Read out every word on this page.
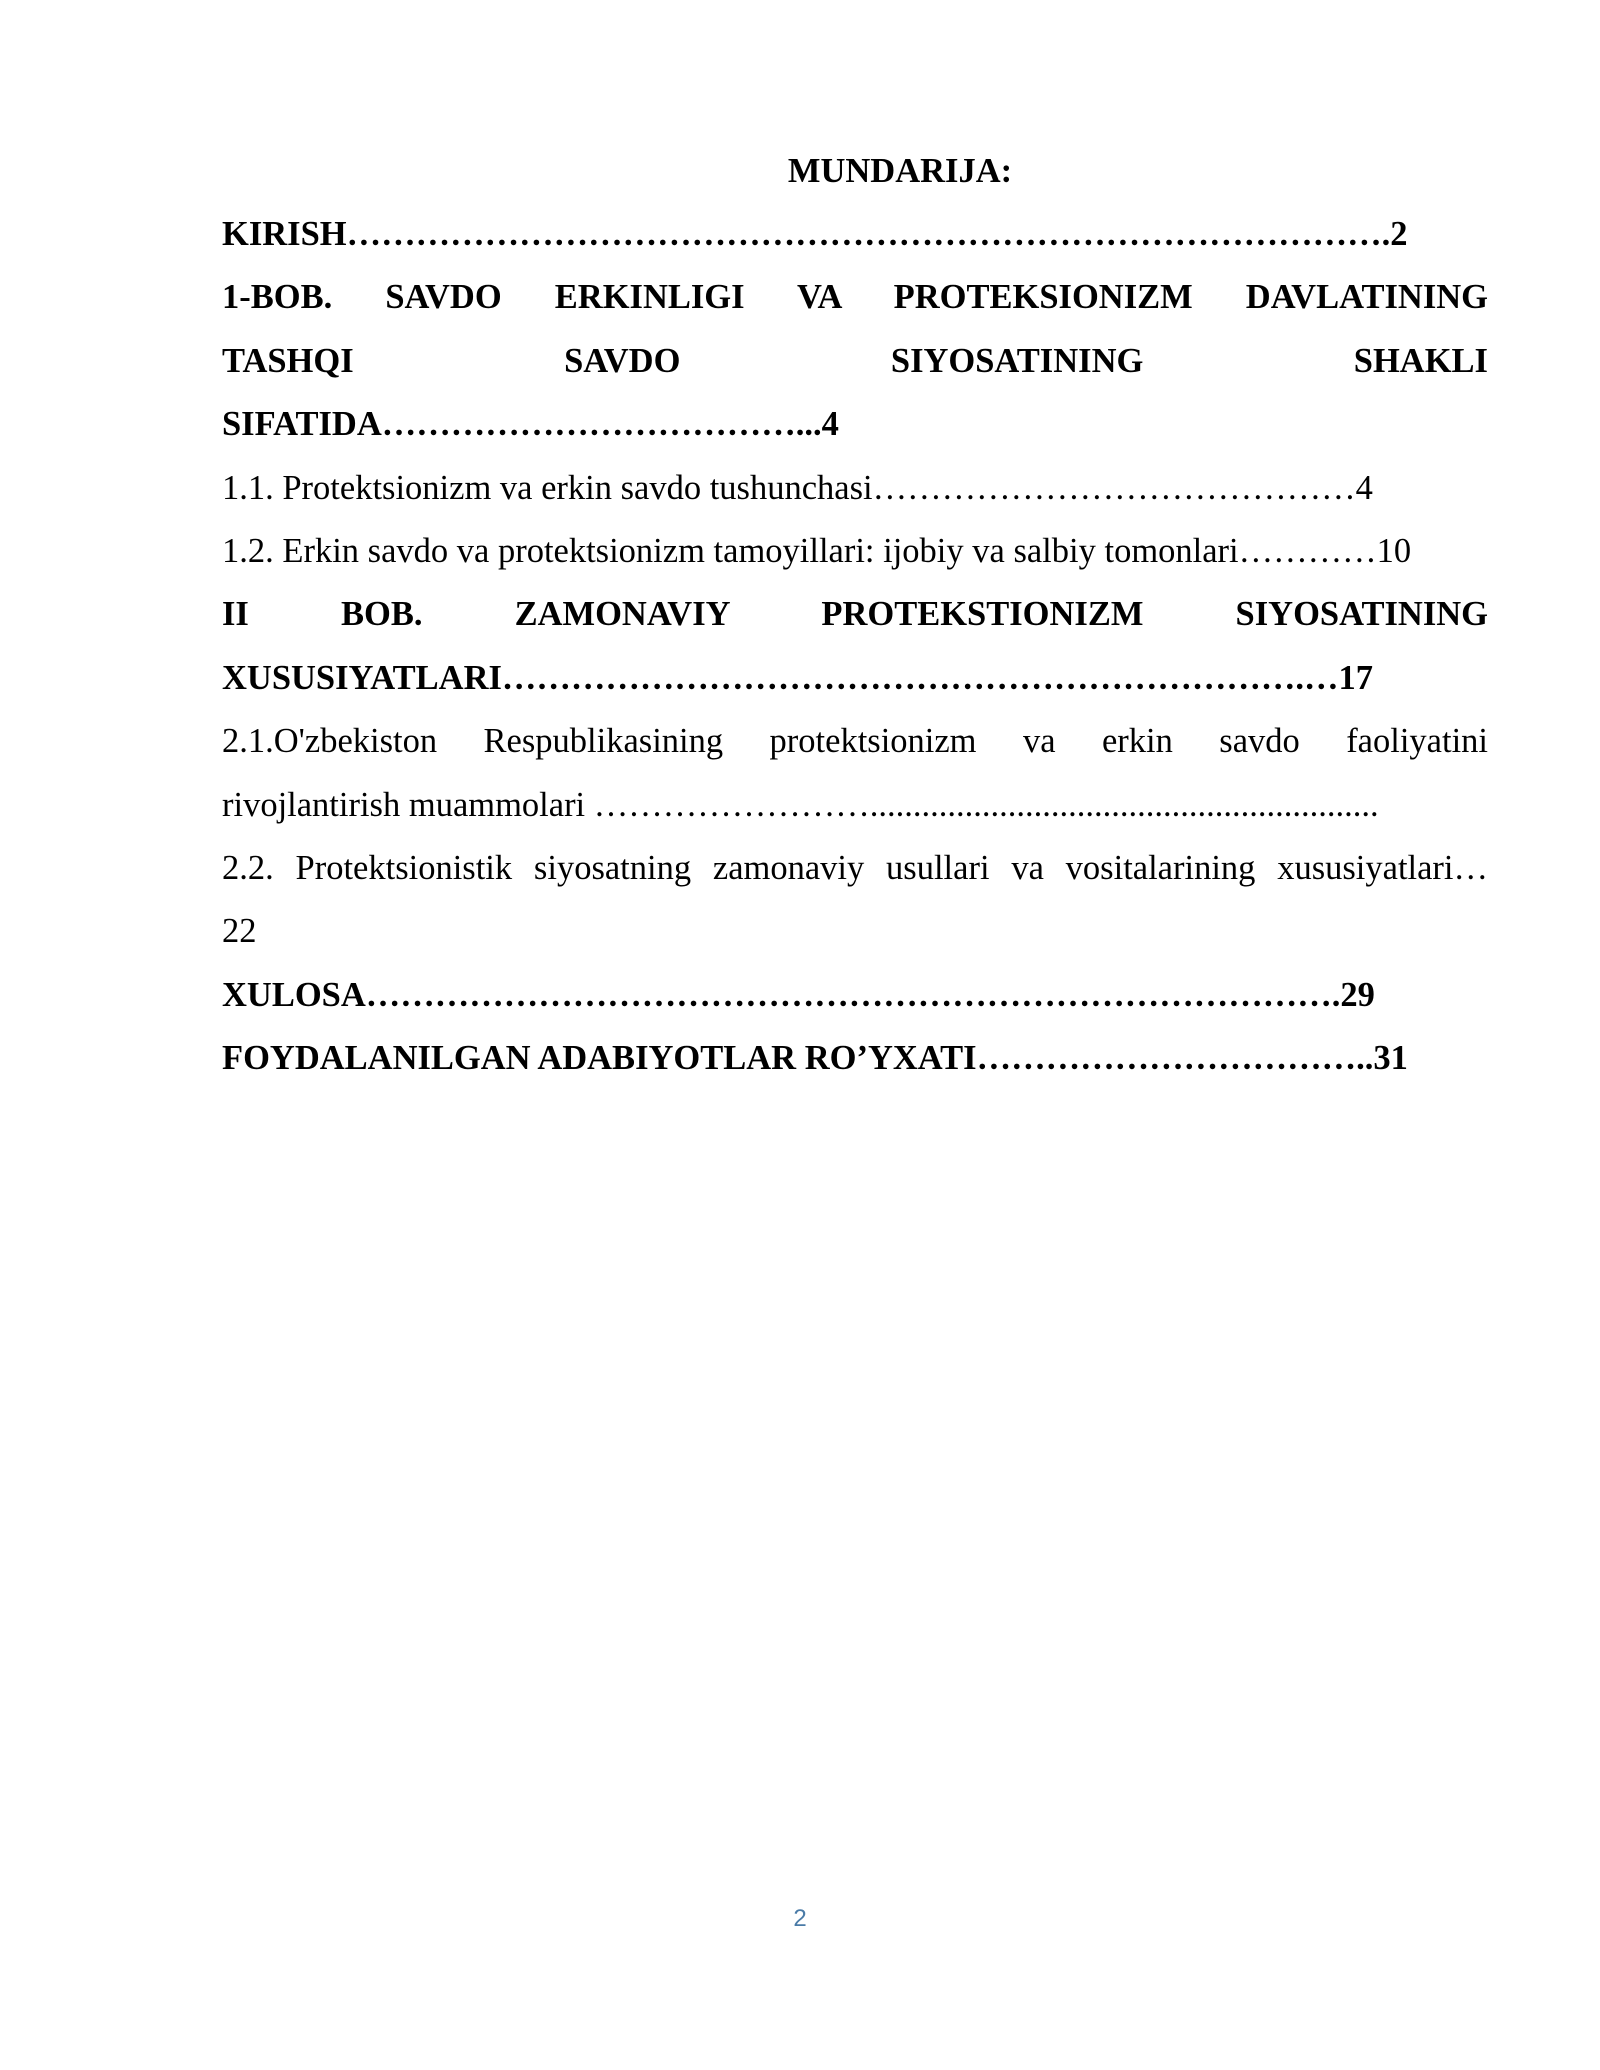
MUNDARIJA:
KIRISH……………………………………………………………………………….2
1-BOB. SAVDO ERKINLIGI VA PROTEKSIONIZM DAVLATINING
TASHQI SAVDO SIYOSATINING SHAKLI
SIFATIDA………………………………...4
1.1. Protektsionizm va erkin savdo tushunchasi……………………………………4
1.2. Erkin savdo va protektsionizm tamoyillari: ijobiy va salbiy tomonlari…………10
II BOB. ZAMONAVIY PROTEKSTIONIZM SIYOSATINING
XUSUSIYATLARI…………………………………………………………….…17
2.1.O'zbekiston Respublikasining protektsionizm va erkin savdo faoliyatini
rivojlantirish muammolari ……………………...........................................................
2.2. Protektsionistik siyosatning zamonaviy usullari va vositalarining xususiyatlari…
22
XULOSA………………………………………………………………………….29
FOYDALANILGAN ADABIYOTLAR RO’YXATI……………………………..31
2
